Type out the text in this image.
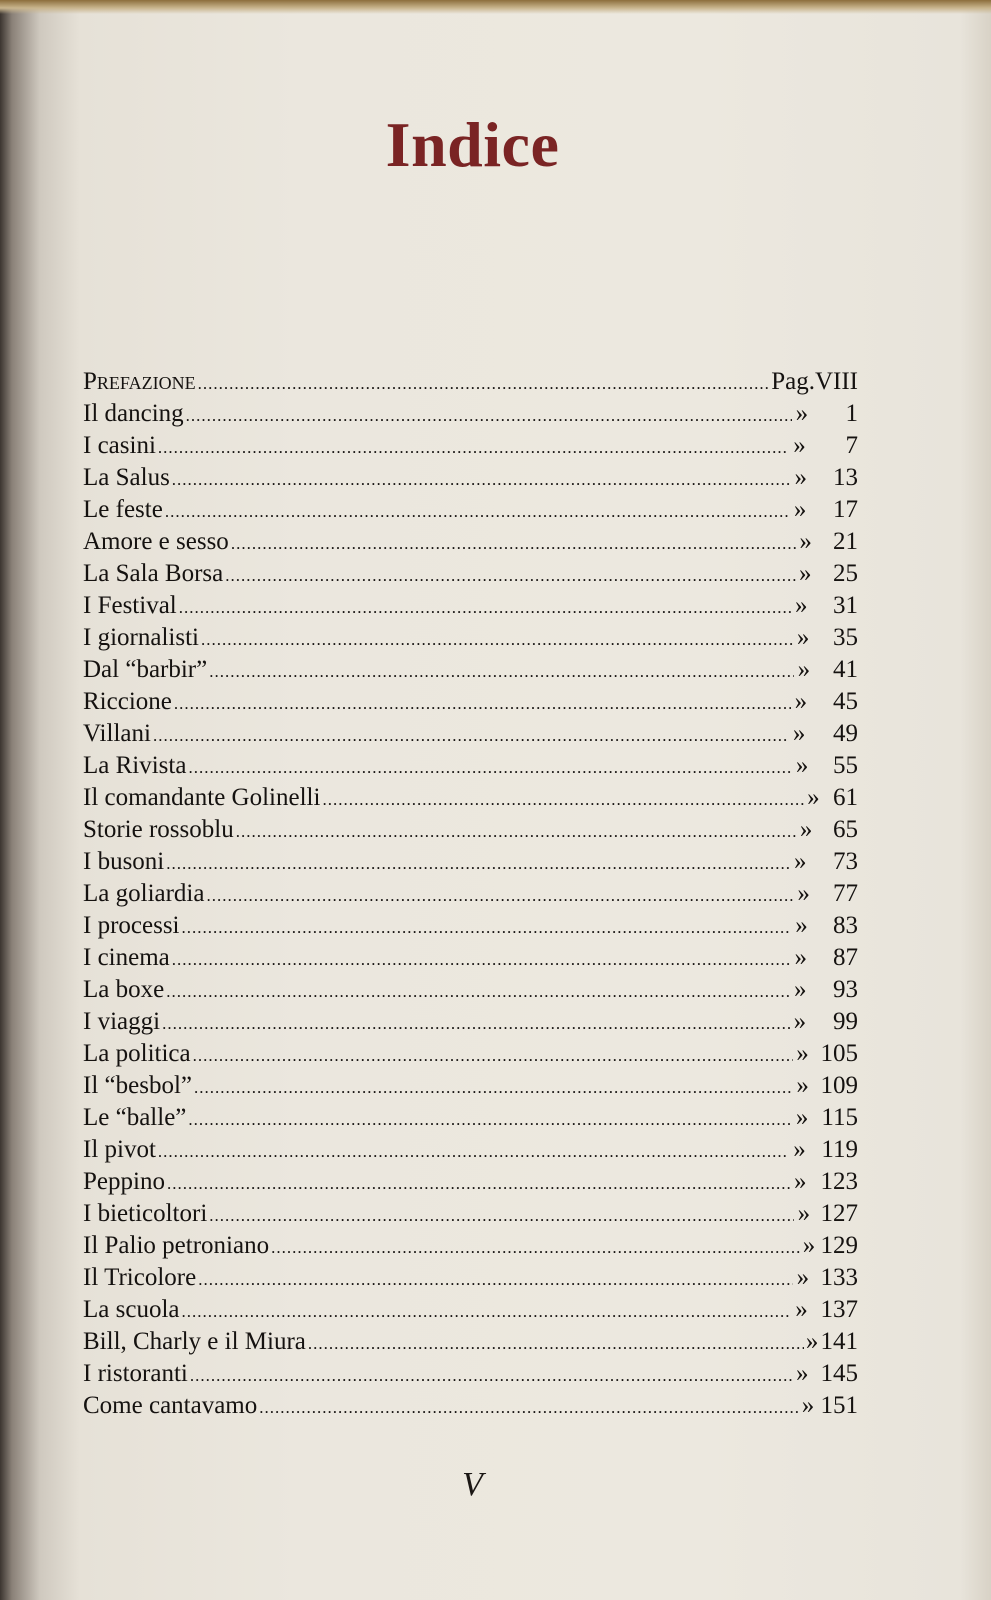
Indice
Prefazione .....	Pag. VIII
Il dancing .....	»	1
I casini .....	»	7
La Salus .....	»	13
Le feste .....	»	17
Amore e sesso .....	» 21
La Sala Borsa .....	» 25
I Festival .....	»	31
I giornalisti .....	» 35
Dal “barbir” .....	» 41
Riccione .....	»	45
Villani .....	»	49
La Rivista .....	» 55
Il comandante Golinelli .....	» 61
Storie rossoblu .....	» 65
I busoni .....	»	73
La goliardia .....	» 77
I processi .....	»	83
I cinema .....	»	87
La boxe .....	»	93
I viaggi .....	»	99
La politica .....	» 105
Il “besbol” .....	» 109
Le “balle” .....	» 115
Il pivot .....	» 119
Peppino .....	» 123
I bieticoltori .....	» 127
Il Palio petroniano .....	» 129
Il Tricolore .....	» 133
La scuola .....	» 137
Bill, Charly e il Miura .....	» 141
I ristoranti .....	» 145
Come cantavamo .....	» 151
V
